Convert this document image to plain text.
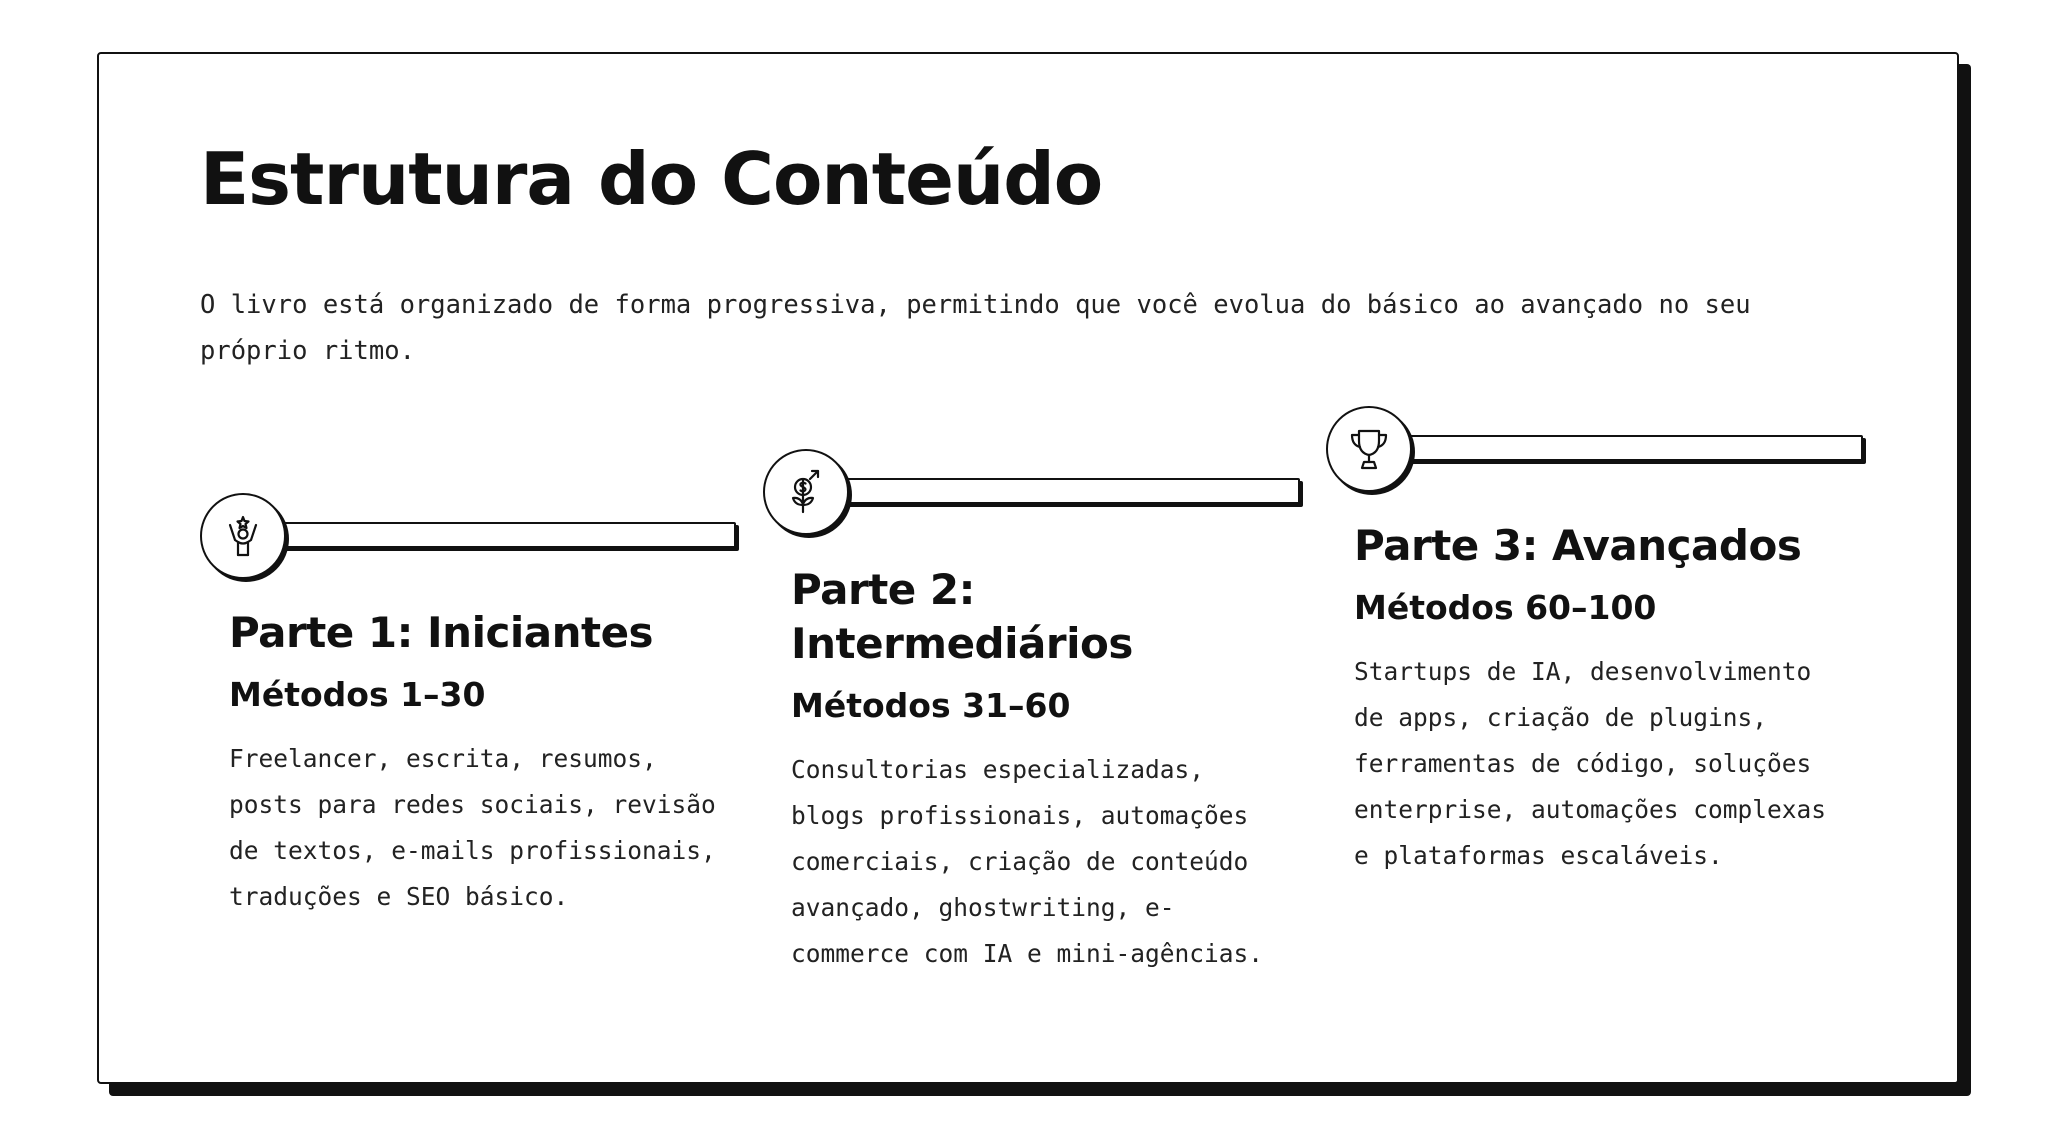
Estrutura do Conteúdo

O livro está organizado de forma progressiva, permitindo que você evolua do básico ao avançado no seu próprio ritmo.

Parte 1: Iniciantes
Métodos 1–30

Freelancer, escrita, resumos, posts para redes sociais, revisão de textos, e-mails profissionais, traduções e SEO básico.

Parte 2: Intermediários
Métodos 31–60

Consultorias especializadas, blogs profissionais, automações comerciais, criação de conteúdo avançado, ghostwriting, e-commerce com IA e mini-agências.

Parte 3: Avançados
Métodos 60–100

Startups de IA, desenvolvimento de apps, criação de plugins, ferramentas de código, soluções enterprise, automações complexas e plataformas escaláveis.
